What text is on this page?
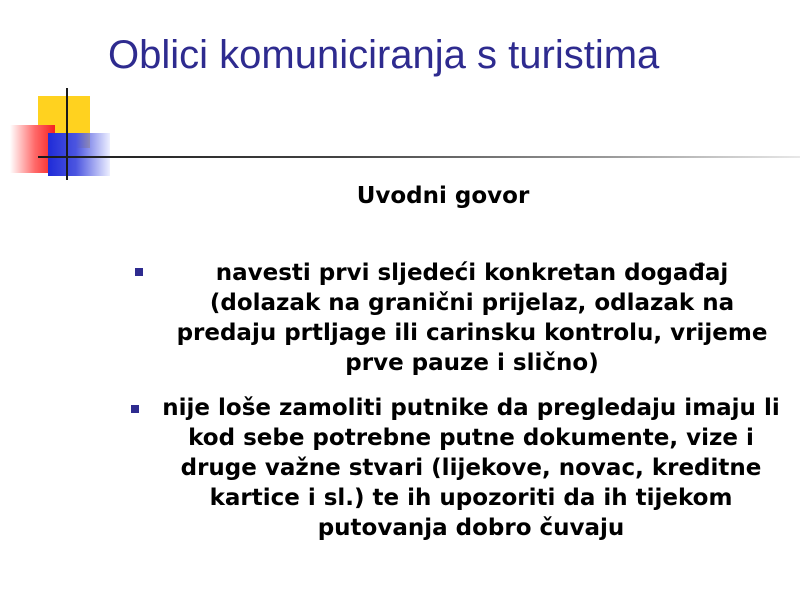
Oblici komuniciranja s turistima
Uvodni govor
navesti prvi sljedeći konkretan događaj (dolazak na granični prijelaz, odlazak na predaju prtljage ili carinsku kontrolu, vrijeme prve pauze i slično)
nije loše zamoliti putnike da pregledaju imaju li kod sebe potrebne putne dokumente, vize i druge važne stvari (lijekove, novac, kreditne kartice i sl.) te ih upozoriti da ih tijekom putovanja dobro čuvaju
